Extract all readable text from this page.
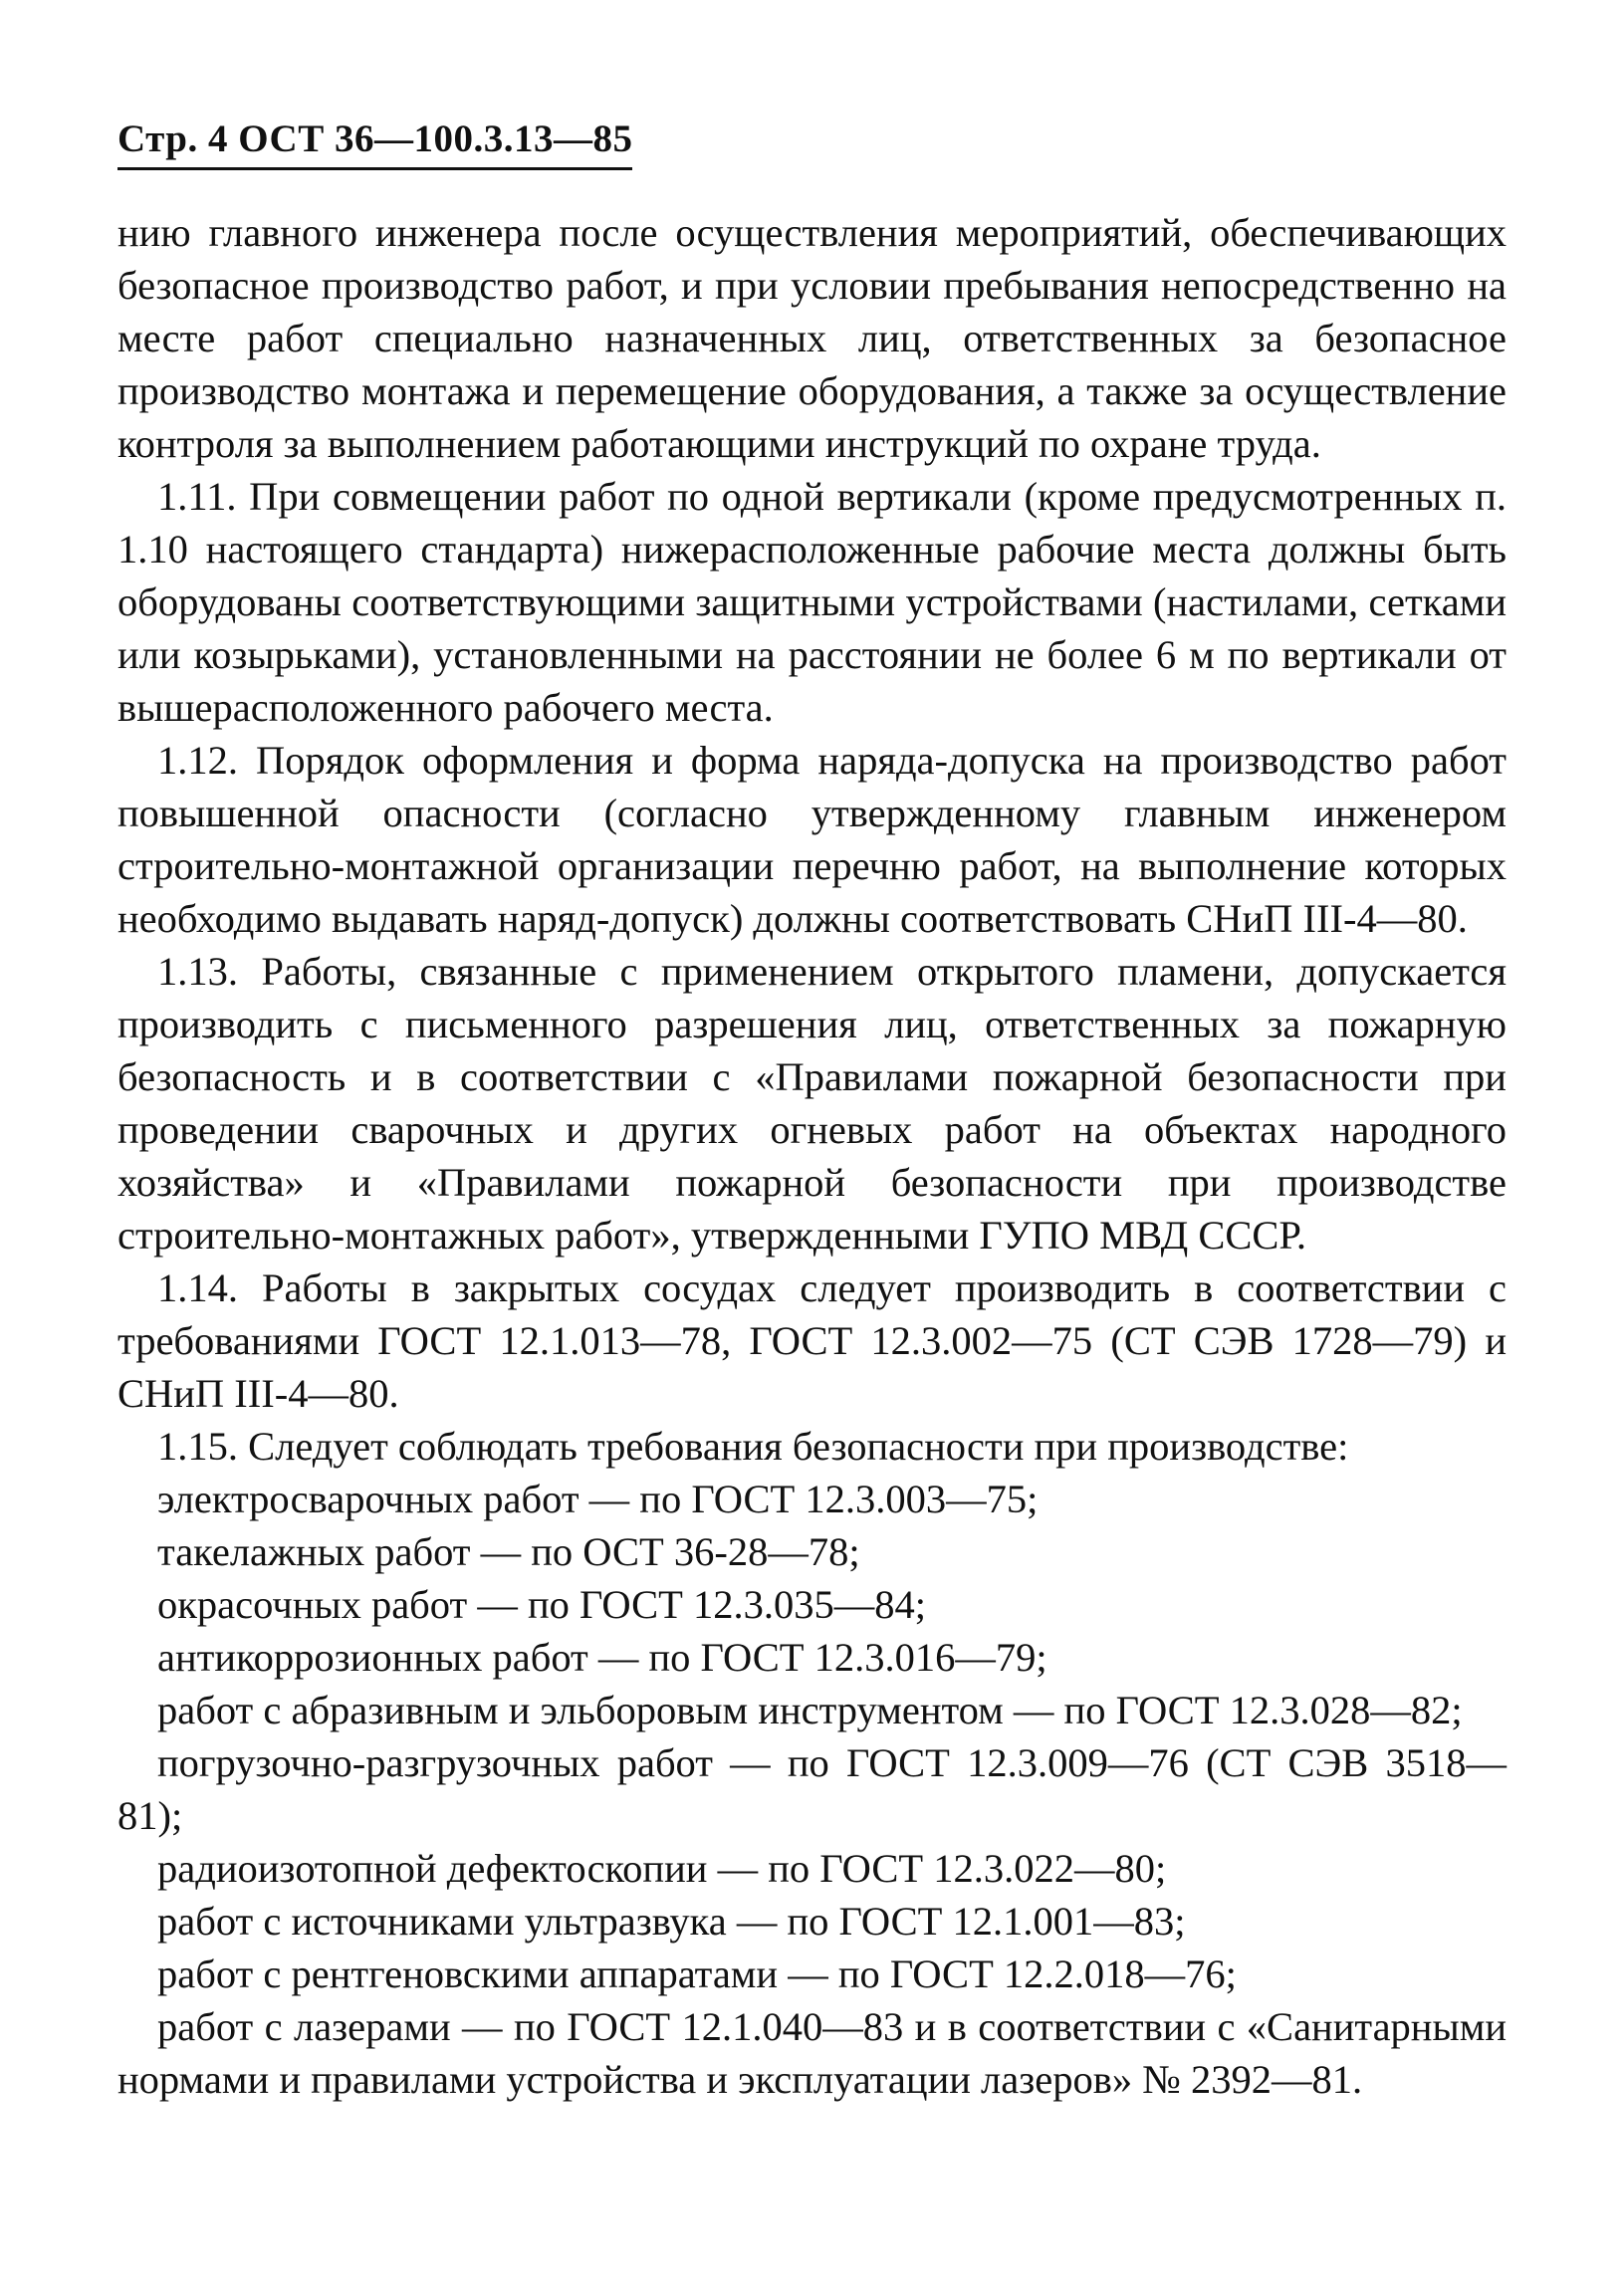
Стр. 4 ОСТ 36—100.3.13—85

нию главного инженера после осуществления мероприятий, обеспечивающих безопасное производство работ, и при условии пребывания непосредственно на месте работ специально назначенных лиц, ответственных за безопасное производство монтажа и перемещение оборудования, а также за осуществление контроля за выполнением работающими инструкций по охране труда.

1.11. При совмещении работ по одной вертикали (кроме предусмотренных п. 1.10 настоящего стандарта) нижерасположенные рабочие места должны быть оборудованы соответствующими защитными устройствами (настилами, сетками или козырьками), установленными на расстоянии не более 6 м по вертикали от вышерасположенного рабочего места.

1.12. Порядок оформления и форма наряда-допуска на производство работ повышенной опасности (согласно утвержденному главным инженером строительно-монтажной организации перечню работ, на выполнение которых необходимо выдавать наряд-допуск) должны соответствовать СНиП III-4—80.

1.13. Работы, связанные с применением открытого пламени, допускается производить с письменного разрешения лиц, ответственных за пожарную безопасность и в соответствии с «Правилами пожарной безопасности при проведении сварочных и других огневых работ на объектах народного хозяйства» и «Правилами пожарной безопасности при производстве строительно-монтажных работ», утвержденными ГУПО МВД СССР.

1.14. Работы в закрытых сосудах следует производить в соответствии с требованиями ГОСТ 12.1.013—78, ГОСТ 12.3.002—75 (СТ СЭВ 1728—79) и СНиП III-4—80.

1.15. Следует соблюдать требования безопасности при производстве:

электросварочных работ — по ГОСТ 12.3.003—75;

такелажных работ — по ОСТ 36-28—78;

окрасочных работ — по ГОСТ 12.3.035—84;

антикоррозионных работ — по ГОСТ 12.3.016—79;

работ с абразивным и эльборовым инструментом — по ГОСТ 12.3.028—82;

погрузочно-разгрузочных работ — по ГОСТ 12.3.009—76 (СТ СЭВ 3518—81);

радиоизотопной дефектоскопии — по ГОСТ 12.3.022—80;

работ с источниками ультразвука — по ГОСТ 12.1.001—83;

работ с рентгеновскими аппаратами — по ГОСТ 12.2.018—76;

работ с лазерами — по ГОСТ 12.1.040—83 и в соответствии с «Санитарными нормами и правилами устройства и эксплуатации лазеров» № 2392—81.
